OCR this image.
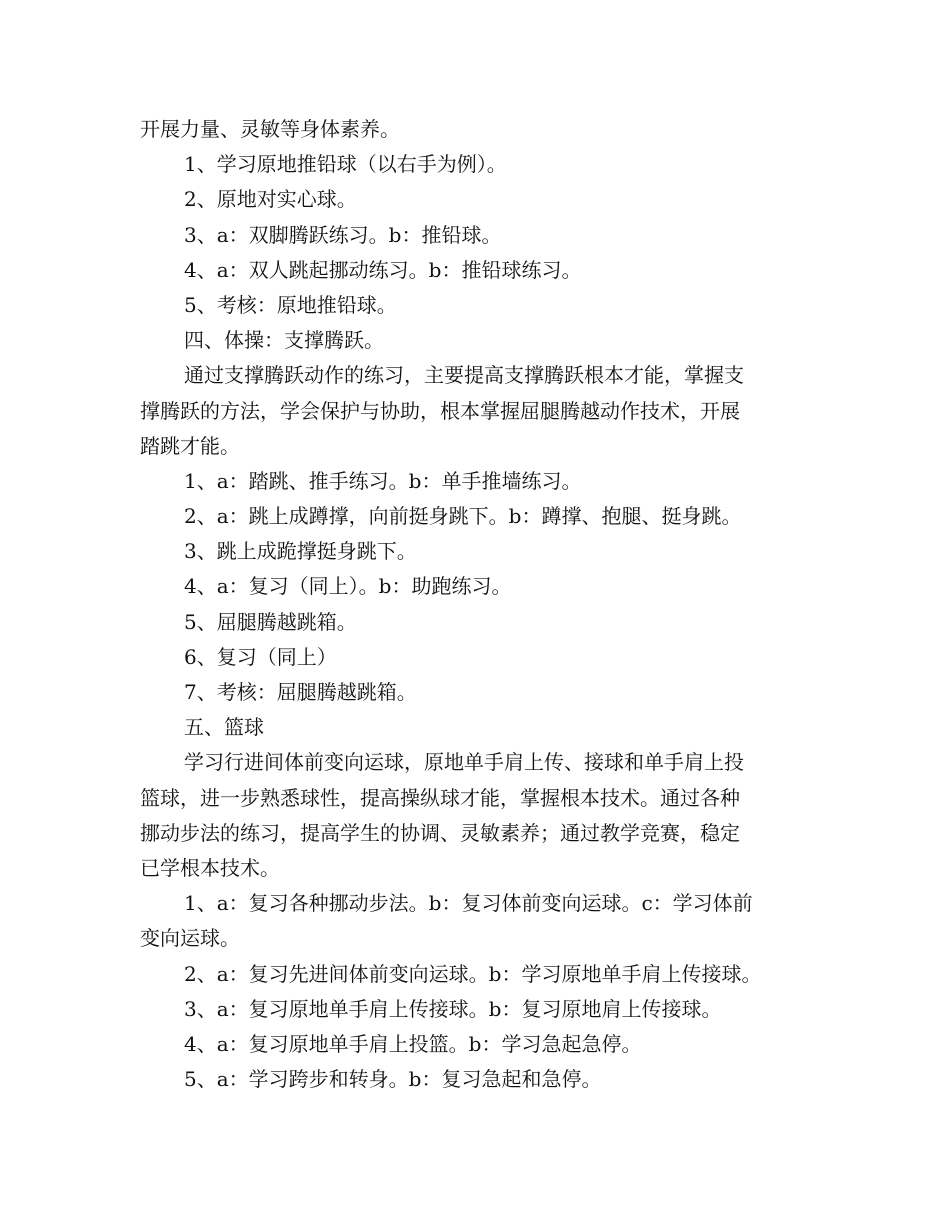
开展力量、灵敏等身体素养。
1、学习原地推铅球（以右手为例）。
2、原地对实心球。
3、a：双脚腾跃练习。b：推铅球。
4、a：双人跳起挪动练习。b：推铅球练习。
5、考核：原地推铅球。
四、体操：支撑腾跃。
通过支撑腾跃动作的练习，主要提高支撑腾跃根本才能，掌握支
撑腾跃的方法，学会保护与协助，根本掌握屈腿腾越动作技术，开展
踏跳才能。
1、a：踏跳、推手练习。b：单手推墙练习。
2、a：跳上成蹲撑，向前挺身跳下。b：蹲撑、抱腿、挺身跳。
3、跳上成跪撑挺身跳下。
4、a：复习（同上）。b：助跑练习。
5、屈腿腾越跳箱。
6、复习（同上）
7、考核：屈腿腾越跳箱。
五、篮球
学习行进间体前变向运球，原地单手肩上传、接球和单手肩上投
篮球，进一步熟悉球性，提高操纵球才能，掌握根本技术。通过各种
挪动步法的练习，提高学生的协调、灵敏素养；通过教学竞赛，稳定
已学根本技术。
1、a：复习各种挪动步法。b：复习体前变向运球。c：学习体前
变向运球。
2、a：复习先进间体前变向运球。b：学习原地单手肩上传接球。
3、a：复习原地单手肩上传接球。b：复习原地肩上传接球。
4、a：复习原地单手肩上投篮。b：学习急起急停。
5、a：学习跨步和转身。b：复习急起和急停。
